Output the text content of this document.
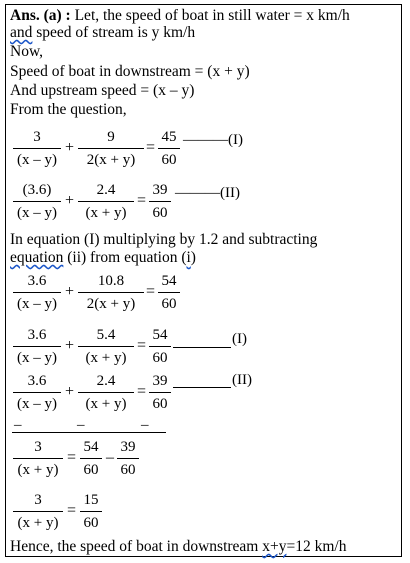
Ans. (a) : Let, the speed of boat in still water = x km/h
and speed of stream is y km/h
Now,
Speed of boat in downstream = (x + y)
And upstream speed = (x – y)
From the question,
3
(x – y)
+
9
2(x + y)
=
45
60
———(I)
(3.6)
(x – y)
+
2.4
(x + y)
=
39
60
———(II)
In equation (I) multiplying by 1.2 and subtracting
equation (ii) from equation (i)
3.6
(x – y)
+
10.8
2(x + y)
=
54
60
3.6
(x – y)
+
5.4
(x + y)
=
54
60
(I)
3.6
(x – y)
+
2.4
(x + y)
=
39
60
(II)
–	–	–
3
(x + y)
=
54
60
–
39
60
3
(x + y)
=
15
60
Hence, the speed of boat in downstream x+y=12 km/h
